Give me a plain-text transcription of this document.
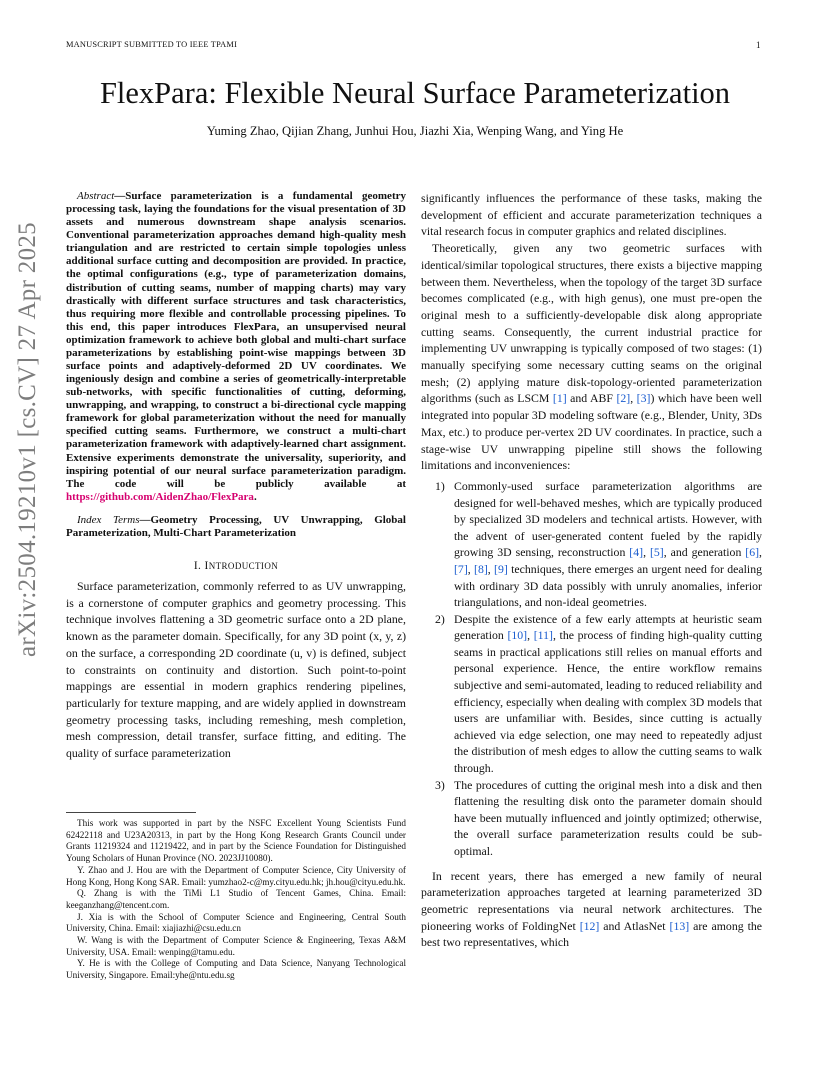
MANUSCRIPT SUBMITTED TO IEEE TPAMI	1
arXiv:2504.19210v1 [cs.CV] 27 Apr 2025
FlexPara: Flexible Neural Surface Parameterization
Yuming Zhao, Qijian Zhang, Junhui Hou, Jiazhi Xia, Wenping Wang, and Ying He

Abstract—Surface parameterization is a fundamental geometry processing task, laying the foundations for the visual presentation of 3D assets and numerous downstream shape analysis scenarios. Conventional parameterization approaches demand high-quality mesh triangulation and are restricted to certain simple topologies unless additional surface cutting and decomposition are provided. In practice, the optimal configurations (e.g., type of parameterization domains, distribution of cutting seams, number of mapping charts) may vary drastically with different surface structures and task characteristics, thus requiring more flexible and controllable processing pipelines. To this end, this paper introduces FlexPara, an unsupervised neural optimization framework to achieve both global and multi-chart surface parameterizations by establishing point-wise mappings between 3D surface points and adaptively-deformed 2D UV coordinates. We ingeniously design and combine a series of geometrically-interpretable sub-networks, with specific functionalities of cutting, deforming, unwrapping, and wrapping, to construct a bi-directional cycle mapping framework for global parameterization without the need for manually specified cutting seams. Furthermore, we construct a multi-chart parameterization framework with adaptively-learned chart assignment. Extensive experiments demonstrate the universality, superiority, and inspiring potential of our neural surface parameterization paradigm. The code will be publicly available at https://github.com/AidenZhao/FlexPara.

Index Terms—Geometry Processing, UV Unwrapping, Global Parameterization, Multi-Chart Parameterization

I. INTRODUCTION

Surface parameterization, commonly referred to as UV unwrapping, is a cornerstone of computer graphics and geometry processing. This technique involves flattening a 3D geometric surface onto a 2D plane, known as the parameter domain. Specifically, for any 3D point (x, y, z) on the surface, a corresponding 2D coordinate (u, v) is defined, subject to constraints on continuity and distortion. Such point-to-point mappings are essential in modern graphics rendering pipelines, particularly for texture mapping, and are widely applied in downstream geometry processing tasks, including remeshing, mesh completion, mesh compression, detail transfer, surface fitting, and editing. The quality of surface parameterization

This work was supported in part by the NSFC Excellent Young Scientists Fund 62422118 and U23A20313, in part by the Hong Kong Research Grants Council under Grants 11219324 and 11219422, and in part by the Science Foundation for Distinguished Young Scholars of Hunan Province (NO. 2023JJ10080).

Y. Zhao and J. Hou are with the Department of Computer Science, City University of Hong Kong, Hong Kong SAR. Email: yumzhao2-c@my.cityu.edu.hk; jh.hou@cityu.edu.hk.

Q. Zhang is with the TiMi L1 Studio of Tencent Games, China. Email: keeganzhang@tencent.com.

J. Xia is with the School of Computer Science and Engineering, Central South University, China. Email: xiajiazhi@csu.edu.cn

W. Wang is with the Department of Computer Science & Engineering, Texas A&M University, USA. Email: wenping@tamu.edu.

Y. He is with the College of Computing and Data Science, Nanyang Technological University, Singapore. Email:yhe@ntu.edu.sg

significantly influences the performance of these tasks, making the development of efficient and accurate parameterization techniques a vital research focus in computer graphics and related disciplines.

Theoretically, given any two geometric surfaces with identical/similar topological structures, there exists a bijective mapping between them. Nevertheless, when the topology of the target 3D surface becomes complicated (e.g., with high genus), one must pre-open the original mesh to a sufficiently-developable disk along appropriate cutting seams. Consequently, the current industrial practice for implementing UV unwrapping is typically composed of two stages: (1) manually specifying some necessary cutting seams on the original mesh; (2) applying mature disk-topology-oriented parameterization algorithms (such as LSCM [1] and ABF [2], [3]) which have been well integrated into popular 3D modeling software (e.g., Blender, Unity, 3Ds Max, etc.) to produce per-vertex 2D UV coordinates. In practice, such a stage-wise UV unwrapping pipeline still shows the following limitations and inconveniences:

1) Commonly-used surface parameterization algorithms are designed for well-behaved meshes, which are typically produced by specialized 3D modelers and technical artists. However, with the advent of user-generated content fueled by the rapidly growing 3D sensing, reconstruction [4], [5], and generation [6], [7], [8], [9] techniques, there emerges an urgent need for dealing with ordinary 3D data possibly with unruly anomalies, inferior triangulations, and non-ideal geometries.
2) Despite the existence of a few early attempts at heuristic seam generation [10], [11], the process of finding high-quality cutting seams in practical applications still relies on manual efforts and personal experience. Hence, the entire workflow remains subjective and semi-automated, leading to reduced reliability and efficiency, especially when dealing with complex 3D models that users are unfamiliar with. Besides, since cutting is actually achieved via edge selection, one may need to repeatedly adjust the distribution of mesh edges to allow the cutting seams to walk through.
3) The procedures of cutting the original mesh into a disk and then flattening the resulting disk onto the parameter domain should have been mutually influenced and jointly optimized; otherwise, the overall surface parameterization results could be sub-optimal.

In recent years, there has emerged a new family of neural parameterization approaches targeted at learning parameterized 3D geometric representations via neural network architectures. The pioneering works of FoldingNet [12] and AtlasNet [13] are among the best two representatives, which
